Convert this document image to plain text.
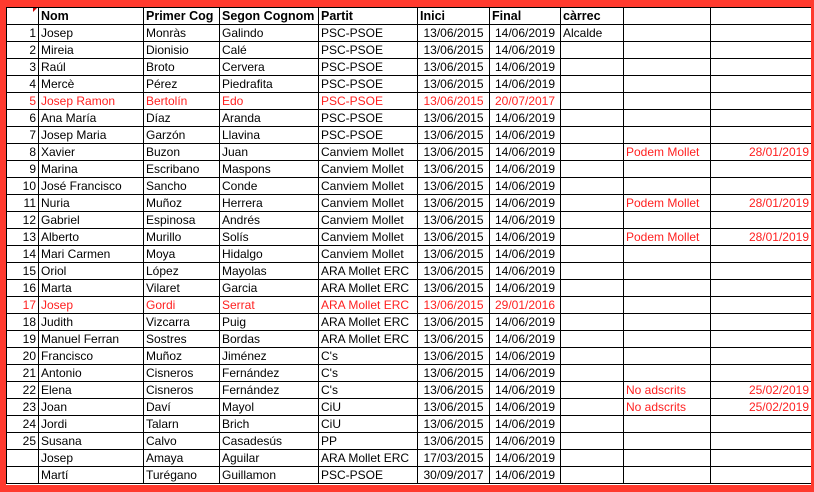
	Nom	Primer Cog	Segon Cognom	Partit	Inici	Final	càrrec		
1	Josep	Monràs	Galindo	PSC-PSOE	13/06/2015	14/06/2019	Alcalde		
2	Mireia	Dionisio	Calé	PSC-PSOE	13/06/2015	14/06/2019			
3	Raúl	Broto	Cervera	PSC-PSOE	13/06/2015	14/06/2019			
4	Mercè	Pérez	Piedrafita	PSC-PSOE	13/06/2015	14/06/2019			
5	Josep Ramon	Bertolín	Edo	PSC-PSOE	13/06/2015	20/07/2017			
6	Ana María	Díaz	Aranda	PSC-PSOE	13/06/2015	14/06/2019			
7	Josep Maria	Garzón	Llavina	PSC-PSOE	13/06/2015	14/06/2019			
8	Xavier	Buzon	Juan	Canviem Mollet	13/06/2015	14/06/2019		Podem Mollet	28/01/2019
9	Marina	Escribano	Maspons	Canviem Mollet	13/06/2015	14/06/2019			
10	José Francisco	Sancho	Conde	Canviem Mollet	13/06/2015	14/06/2019			
11	Nuria	Muñoz	Herrera	Canviem Mollet	13/06/2015	14/06/2019		Podem Mollet	28/01/2019
12	Gabriel	Espinosa	Andrés	Canviem Mollet	13/06/2015	14/06/2019			
13	Alberto	Murillo	Solís	Canviem Mollet	13/06/2015	14/06/2019		Podem Mollet	28/01/2019
14	Mari Carmen	Moya	Hidalgo	Canviem Mollet	13/06/2015	14/06/2019			
15	Oriol	López	Mayolas	ARA Mollet ERC	13/06/2015	14/06/2019			
16	Marta	Vilaret	Garcia	ARA Mollet ERC	13/06/2015	14/06/2019			
17	Josep	Gordi	Serrat	ARA Mollet ERC	13/06/2015	29/01/2016			
18	Judith	Vizcarra	Puig	ARA Mollet ERC	13/06/2015	14/06/2019			
19	Manuel Ferran	Sostres	Bordas	ARA Mollet ERC	13/06/2015	14/06/2019			
20	Francisco	Muñoz	Jiménez	C's	13/06/2015	14/06/2019			
21	Antonio	Cisneros	Fernández	C's	13/06/2015	14/06/2019			
22	Elena	Cisneros	Fernández	C's	13/06/2015	14/06/2019		No adscrits	25/02/2019
23	Joan	Daví	Mayol	CiU	13/06/2015	14/06/2019		No adscrits	25/02/2019
24	Jordi	Talarn	Brich	CiU	13/06/2015	14/06/2019			
25	Susana	Calvo	Casadesús	PP	13/06/2015	14/06/2019			
	Josep	Amaya	Aguilar	ARA Mollet ERC	17/03/2015	14/06/2019			
	Martí	Turégano	Guillamon	PSC-PSOE	30/09/2017	14/06/2019			
